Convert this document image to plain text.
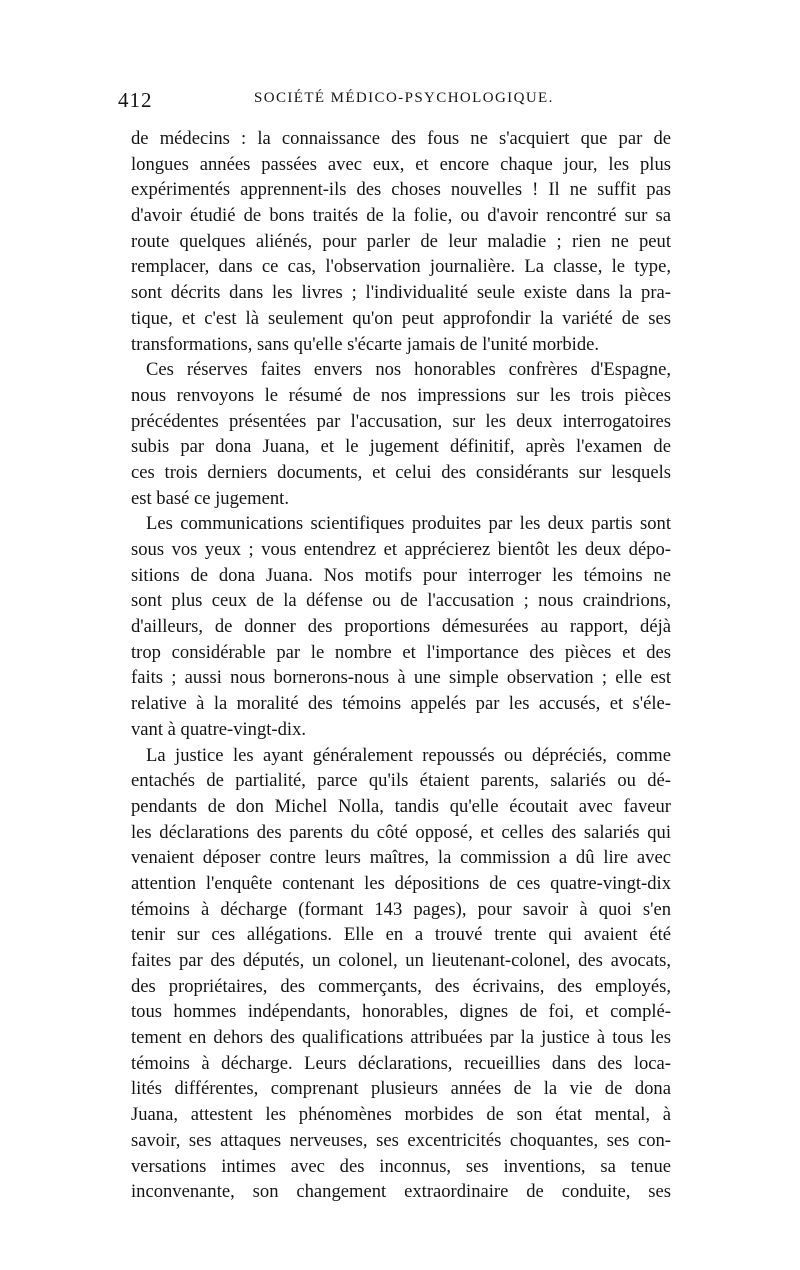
412	SOCIÉTÉ MÉDICO-PSYCHOLOGIQUE.
de médecins : la connaissance des fous ne s'acquiert que par de
longues années passées avec eux, et encore chaque jour, les plus
expérimentés apprennent-ils des choses nouvelles ! Il ne suffit pas
d'avoir étudié de bons traités de la folie, ou d'avoir rencontré sur sa
route quelques aliénés, pour parler de leur maladie ; rien ne peut
remplacer, dans ce cas, l'observation journalière. La classe, le type,
sont décrits dans les livres ; l'individualité seule existe dans la pra-
tique, et c'est là seulement qu'on peut approfondir la variété de ses
transformations, sans qu'elle s'écarte jamais de l'unité morbide.
Ces réserves faites envers nos honorables confrères d'Espagne,
nous renvoyons le résumé de nos impressions sur les trois pièces
précédentes présentées par l'accusation, sur les deux interrogatoires
subis par dona Juana, et le jugement définitif, après l'examen de
ces trois derniers documents, et celui des considérants sur lesquels
est basé ce jugement.
Les communications scientifiques produites par les deux partis sont
sous vos yeux ; vous entendrez et apprécierez bientôt les deux dépo-
sitions de dona Juana. Nos motifs pour interroger les témoins ne
sont plus ceux de la défense ou de l'accusation ; nous craindrions,
d'ailleurs, de donner des proportions démesurées au rapport, déjà
trop considérable par le nombre et l'importance des pièces et des
faits ; aussi nous bornerons-nous à une simple observation ; elle est
relative à la moralité des témoins appelés par les accusés, et s'éle-
vant à quatre-vingt-dix.
La justice les ayant généralement repoussés ou dépréciés, comme
entachés de partialité, parce qu'ils étaient parents, salariés ou dé-
pendants de don Michel Nolla, tandis qu'elle écoutait avec faveur
les déclarations des parents du côté opposé, et celles des salariés qui
venaient déposer contre leurs maîtres, la commission a dû lire avec
attention l'enquête contenant les dépositions de ces quatre-vingt-dix
témoins à décharge (formant 143 pages), pour savoir à quoi s'en
tenir sur ces allégations. Elle en a trouvé trente qui avaient été
faites par des députés, un colonel, un lieutenant-colonel, des avocats,
des propriétaires, des commerçants, des écrivains, des employés,
tous hommes indépendants, honorables, dignes de foi, et complé-
tement en dehors des qualifications attribuées par la justice à tous les
témoins à décharge. Leurs déclarations, recueillies dans des loca-
lités différentes, comprenant plusieurs années de la vie de dona
Juana, attestent les phénomènes morbides de son état mental, à
savoir, ses attaques nerveuses, ses excentricités choquantes, ses con-
versations intimes avec des inconnus, ses inventions, sa tenue
inconvenante, son changement extraordinaire de conduite, ses
